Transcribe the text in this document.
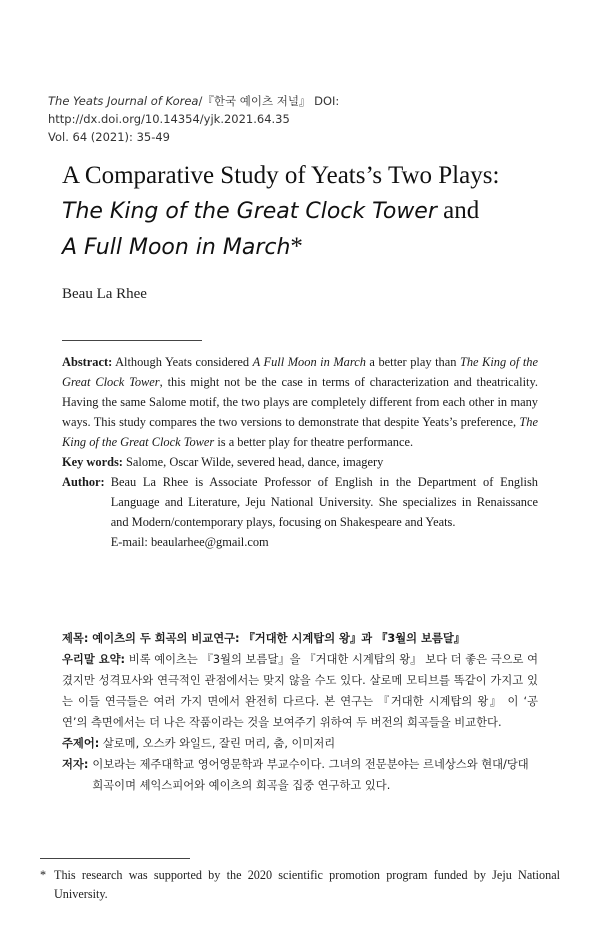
The Yeats Journal of Korea/『한국 예이츠 저널』 DOI: http://dx.doi.org/10.14354/yjk.2021.64.35
Vol. 64 (2021): 35-49
A Comparative Study of Yeats’s Two Plays:
The King of the Great Clock Tower and
A Full Moon in March*
Beau La Rhee

Abstract: Although Yeats considered A Full Moon in March a better play than The King of the Great Clock Tower, this might not be the case in terms of characterization and theatricality. Having the same Salome motif, the two plays are completely different from each other in many ways. This study compares the two versions to demonstrate that despite Yeats’s preference, The King of the Great Clock Tower is a better play for theatre performance.

Key words: Salome, Oscar Wilde, severed head, dance, imagery

Author: Beau La Rhee is Associate Professor of English in the Department of English Language and Literature, Jeju National University. She specializes in Renaissance and Modern/contemporary plays, focusing on Shakespeare and Yeats.
E-mail: beaularhee@gmail.com

제목: 예이츠의 두 희곡의 비교연구: 『거대한 시계탑의 왕』과 『3월의 보름달』

우리말 요약: 비록 예이츠는 『3월의 보름달』을 『거대한 시계탑의 왕』 보다 더 좋은 극으로 여겼지만 성격묘사와 연극적인 관점에서는 맞지 않을 수도 있다. 살로메 모티브를 똑같이 가지고 있는 이들 연극들은 여러 가지 면에서 완전히 다르다. 본 연구는 『거대한 시계탑의 왕』 이 ‘공연’의 측면에서는 더 나은 작품이라는 것을 보여주기 위하여 두 버전의 희곡들을 비교한다.

주제어: 살로메, 오스카 와일드, 잘린 머리, 춤, 이미저리

저자: 이보라는 제주대학교 영어영문학과 부교수이다. 그녀의 전문분야는 르네상스와 현대/당대 희곡이며 셰익스피어와 예이츠의 희곡을 집중 연구하고 있다.
* This research was supported by the 2020 scientific promotion program funded by Jeju National University.
